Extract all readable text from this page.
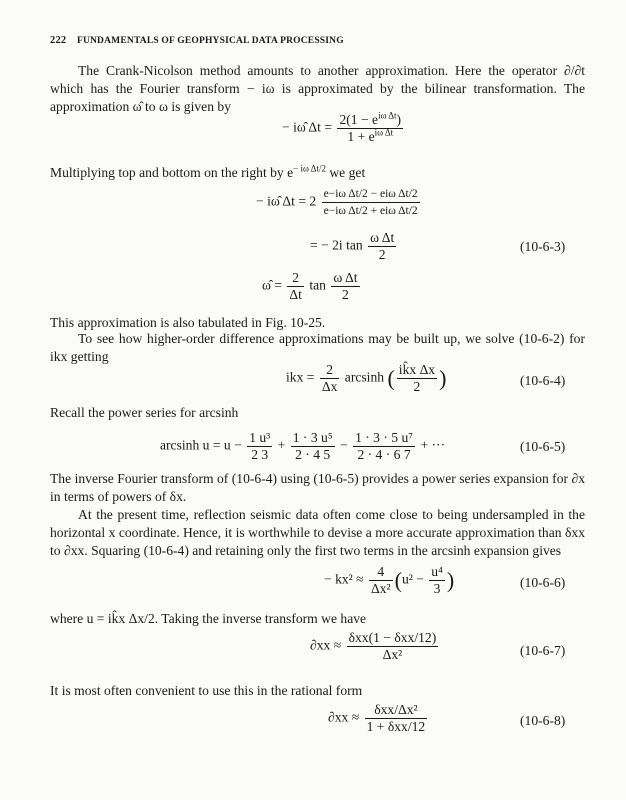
222 FUNDAMENTALS OF GEOPHYSICAL DATA PROCESSING

The Crank-Nicolson method amounts to another approximation. Here the operator ∂/∂t which has the Fourier transform − iω is approximated by the bilinear transformation. The approximation ω̂ to ω is given by

− iω̂ $\Delta t = \frac{2(1 - e^{i\omega \Delta t})}{1 + e^{i\omega \Delta t}}$

Multiplying top and bottom on the right by $e^{- i\omega \Delta t/2}$ we get

− iω̂ $\Delta t = 2 \frac{\text{e−iω Δt/2 − eiω Δt/2}}{\text{e−iω Δt/2 + eiω Δt/2}}$
= − 2i $\tan \frac{\text{ω Δt}}{2}$	(10-6-3)
ω̂ = $\frac{2}{\Delta t}$ $\tan \frac{\text{ω Δt}}{2}$

This approximation is also tabulated in Fig. 10-25.

To see how higher-order difference approximations may be built up, we solve (10-6-2) for ikx getting

ikx = $\frac{2}{\Delta x}$ arcsinh ( $\frac{\text{ik̂x Δx}}{2}$ )	(10-6-4)

Recall the power series for arcsinh

arcsinh $u = u - \frac{\text{1 u³}}{2 3} + \frac{\text{1 · 3 u⁵}}{2 \cdot 4 5} - \frac{\text{1 · 3 · 5 u⁷}}{2 \cdot 4 \cdot 6 7}$ + ···	(10-6-5)

The inverse Fourier transform of (10-6-4) using (10-6-5) provides a power series expansion for ∂x in terms of powers of δx.

At the present time, reflection seismic data often come close to being undersampled in the horizontal x coordinate. Hence, it is worthwhile to devise a more accurate approximation than δxx to ∂xx. Squaring (10-6-4) and retaining only the first two terms in the arcsinh expansion gives

− $kx^2 \approx \frac{4}{\text{Δx²}} (u^2 - \frac{\text{u⁴}}{3}$ )	(10-6-6)

where u = ik̂x Δx/2. Taking the inverse transform we have

$\partial xx \approx \frac{\text{δxx(1 − δxx/12)}}{\text{Δx²}}$	(10-6-7)

It is most often convenient to use this in the rational form

$\partial xx \approx \frac{\text{δxx/Δx²}}{\text{1 + δxx/12}}$	(10-6-8)
